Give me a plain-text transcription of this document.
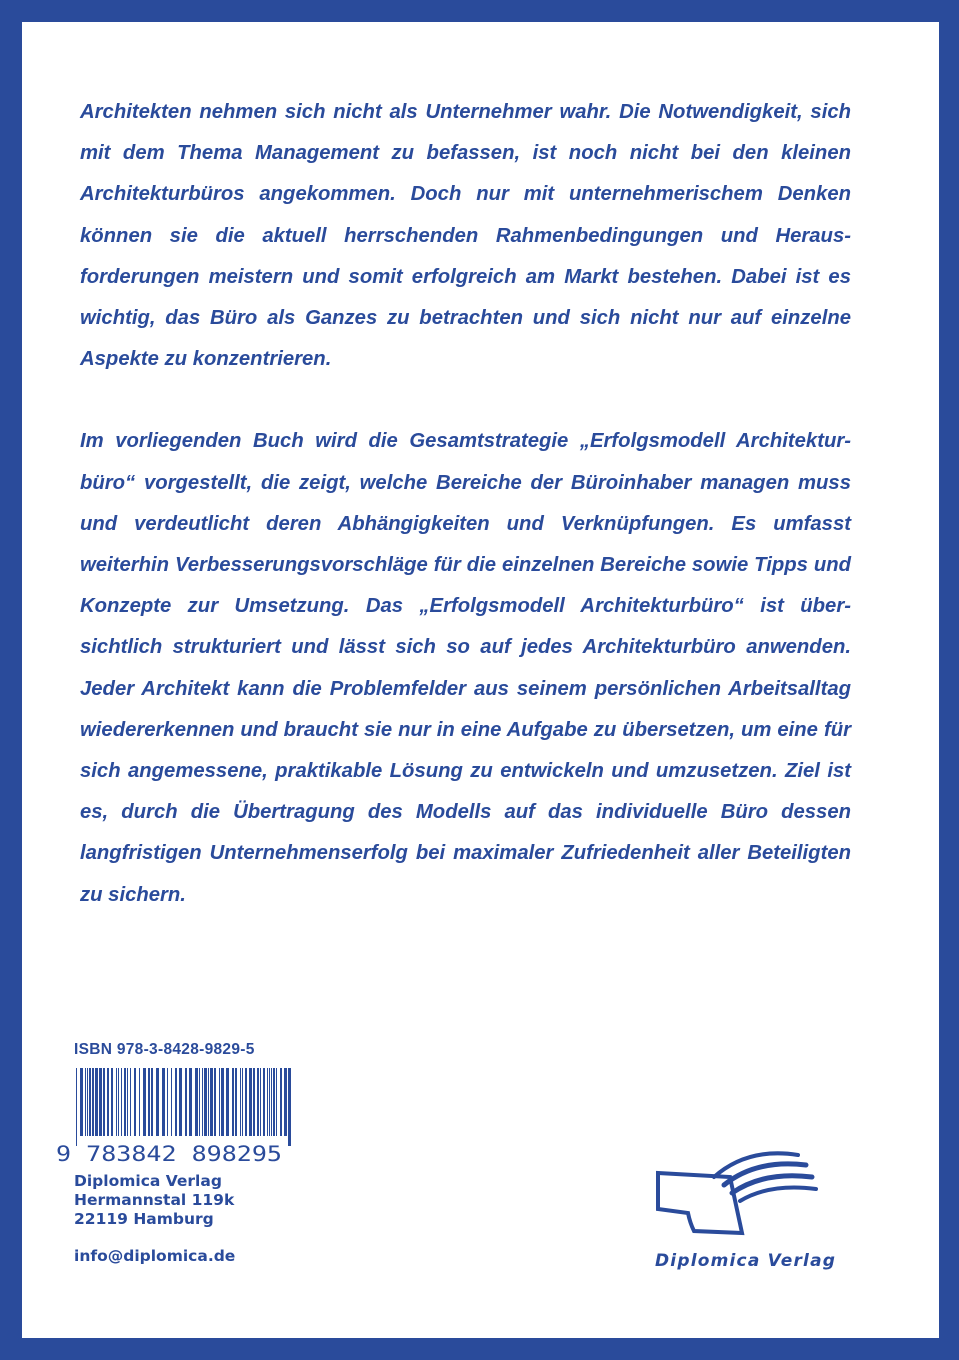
Architekten nehmen sich nicht als Unternehmer wahr. Die Notwendigkeit, sich mit dem Thema Management zu befassen, ist noch nicht bei den kleinen Architekturbüros angekommen. Doch nur mit unternehmerischem Denken können sie die aktuell herrschenden Rahmenbedingungen und Herausforderungen meistern und somit erfolgreich am Markt bestehen. Dabei ist es wichtig, das Büro als Ganzes zu betrachten und sich nicht nur auf einzelne Aspekte zu konzentrieren.

Im vorliegenden Buch wird die Gesamtstrategie „Erfolgsmodell Architekturbüro“ vorgestellt, die zeigt, welche Bereiche der Büroinhaber managen muss und verdeutlicht deren Abhängigkeiten und Verknüpfungen. Es umfasst weiterhin Verbesserungsvorschläge für die einzelnen Bereiche sowie Tipps und Konzepte zur Umsetzung. Das „Erfolgsmodell Architekturbüro“ ist übersichtlich strukturiert und lässt sich so auf jedes Architekturbüro anwenden. Jeder Architekt kann die Problemfelder aus seinem persönlichen Arbeitsalltag wiedererkennen und braucht sie nur in eine Aufgabe zu übersetzen, um eine für sich angemessene, praktikable Lösung zu entwickeln und umzusetzen. Ziel ist es, durch die Übertragung des Modells auf das individuelle Büro dessen langfristigen Unternehmenserfolg bei maximaler Zufriedenheit aller Beteiligten zu sichern.

ISBN 978-3-8428-9829-5
9 783842 898295
Diplomica Verlag
Hermannstal 119k
22119 Hamburg
info@diplomica.de	Diplomica Verlag
